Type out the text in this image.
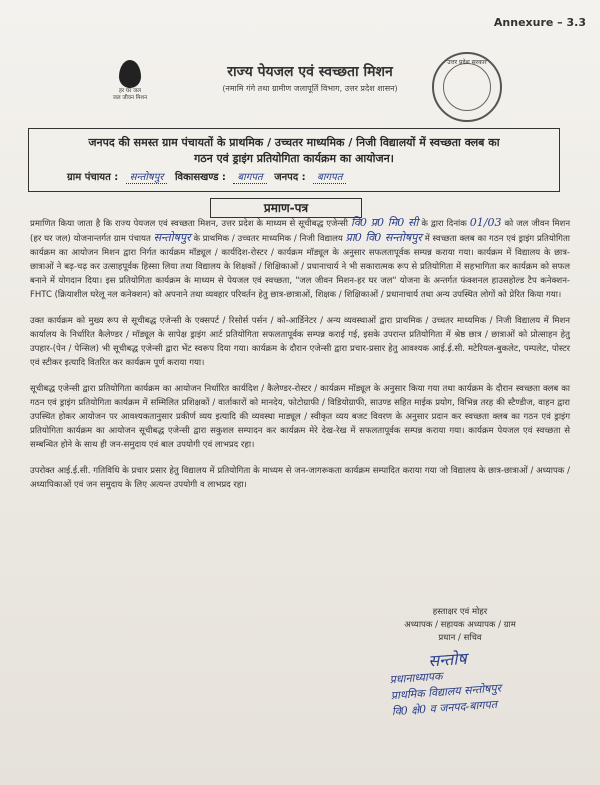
Annexure – 3.3
हर घर जल
जल जीवन मिशन
राज्य पेयजल एवं स्वच्छता मिशन
(नमामि गंगे तथा ग्रामीण जलापूर्ति विभाग, उत्तर प्रदेश शासन)
उत्तर प्रदेश सरकार
जनपद की समस्त ग्राम पंचायतों के प्राथमिक / उच्चतर माध्यमिक / निजी विद्यालयों में स्वच्छता क्लब का
गठन एवं ड्राइंग प्रतियोगिता कार्यक्रम का आयोजन।
ग्राम पंचायत : सन्तोषपुर विकासखण्ड : बागपत जनपद : बागपत
प्रमाण-पत्र

प्रमाणित किया जाता है कि राज्य पेयजल एवं स्वच्छता मिशन, उत्तर प्रदेश के माध्यम से सूचीबद्ध एजेन्सी वि0 प्र0 मि0 सी के द्वारा दिनांक 01/03 को जल जीवन मिशन (हर घर जल) योजनान्तर्गत ग्राम पंचायत सन्तोषपुर के प्राथमिक / उच्चतर माध्यमिक / निजी विद्यालय प्रा0 वि0 सन्तोषपुर में स्वच्छता क्लब का गठन एवं ड्राइंग प्रतियोगिता कार्यक्रम का आयोजन मिशन द्वारा निर्गत कार्यक्रम मॉड्यूल / कार्यदिश-रोस्टर / कार्यक्रम मॉड्यूल के अनुसार सफलतापूर्वक सम्पन्न कराया गया। कार्यक्रम में विद्यालय के छात्र-छात्राओं ने बढ़-चढ़ कर उत्साहपूर्वक हिस्सा लिया तथा विद्यालय के शिक्षकों / शिक्षिकाओं / प्रधानाचार्य ने भी सकारात्मक रूप से प्रतियोगिता में सहभागिता कर कार्यक्रम को सफल बनाने में योगदान दिया। इस प्रतियोगिता कार्यक्रम के माध्यम से पेयजल एवं स्वच्छता, "जल जीवन मिशन-हर घर जल" योजना के अन्तर्गत फंक्शनल हाउसहोल्ड टैप कनेक्शन-FHTC (क्रियाशील घरेलू नल कनेक्शन) को अपनाने तथा व्यवहार परिवर्तन हेतु छात्र-छात्राओं, शिक्षक / शिक्षिकाओं / प्रधानाचार्य तथा अन्य उपस्थित लोगों को प्रेरित किया गया।

उक्त कार्यक्रम को मुख्य रूप से सूचीबद्ध एजेन्सी के एक्सपर्ट / रिसोर्स पर्सन / को-आर्डिनेटर / अन्य व्यवस्थाओं द्वारा प्राथमिक / उच्चतर माध्यमिक / निजी विद्यालय में मिशन कार्यालय के निर्धारित कैलेण्डर / मॉड्यूल के सापेक्ष ड्राइंग आर्ट प्रतियोगिता सफलतापूर्वक सम्पन्न कराई गई, इसके उपरान्त प्रतियोगिता में श्रेष्ठ छात्र / छात्राओं को प्रोत्साहन हेतु उपहार-(पेन / पेन्सिल) भी सूचीबद्ध एजेन्सी द्वारा भेंट स्वरूप दिया गया। कार्यक्रम के दौरान एजेन्सी द्वारा प्रचार-प्रसार हेतु आवश्यक आई.ई.सी. मटेरियल-बुकलेट, पम्पलेट, पोस्टर एवं स्टीकर इत्यादि वितरित कर कार्यक्रम पूर्ण कराया गया।

सूचीबद्ध एजेन्सी द्वारा प्रतियोगिता कार्यक्रम का आयोजन निर्धारित कार्यदिश / कैलेण्डर-रोस्टर / कार्यक्रम मॉड्यूल के अनुसार किया गया तथा कार्यक्रम के दौरान स्वच्छता क्लब का गठन एवं ड्राइंग प्रतियोगिता कार्यक्रम में सम्मिलित प्रशिक्षकों / वार्ताकारों को मानदेय, फोटोग्राफी / विडियोग्राफी, साउण्ड सहित माईक प्रयोग, विभिन्न तरह की स्टैण्डीज, वाहन द्वारा उपस्थित होकर आयोजन पर आवश्यकतानुसार प्रकीर्ण व्यय इत्यादि की व्यवस्था माड्यूल / स्वीकृत व्यय बजट विवरण के अनुसार प्रदान कर स्वच्छता क्लब का गठन एवं ड्राइंग प्रतियोगिता कार्यक्रम का आयोजन सूचीबद्ध एजेन्सी द्वारा सकुशल सम्पादन कर कार्यक्रम मेरे देख-रेख में सफलतापूर्वक सम्पन्न कराया गया। कार्यक्रम पेयजल एवं स्वच्छता से सम्बन्धित होने के साथ ही जन-समुदाय एवं बाल उपयोगी एवं लाभप्रद रहा।

उपरोक्त आई.ई.सी. गतिविधि के प्रचार प्रसार हेतु विद्यालय में प्रतियोगिता के माध्यम से जन-जागरूकता कार्यक्रम सम्पादित कराया गया जो विद्यालय के छात्र-छात्राओं / अध्यापक / अध्यापिकाओं एवं जन समुदाय के लिए अत्यन्त उपयोगी व लाभप्रद रहा।

हस्ताक्षर एवं मोहर
अध्यापक / सहायक अध्यापक / ग्राम
प्रधान / सचिव
सन्तोष
प्रधानाध्यापक
प्राथमिक विद्यालय सन्तोषपुर
वि0 क्षे0 व जनपद-बागपत
